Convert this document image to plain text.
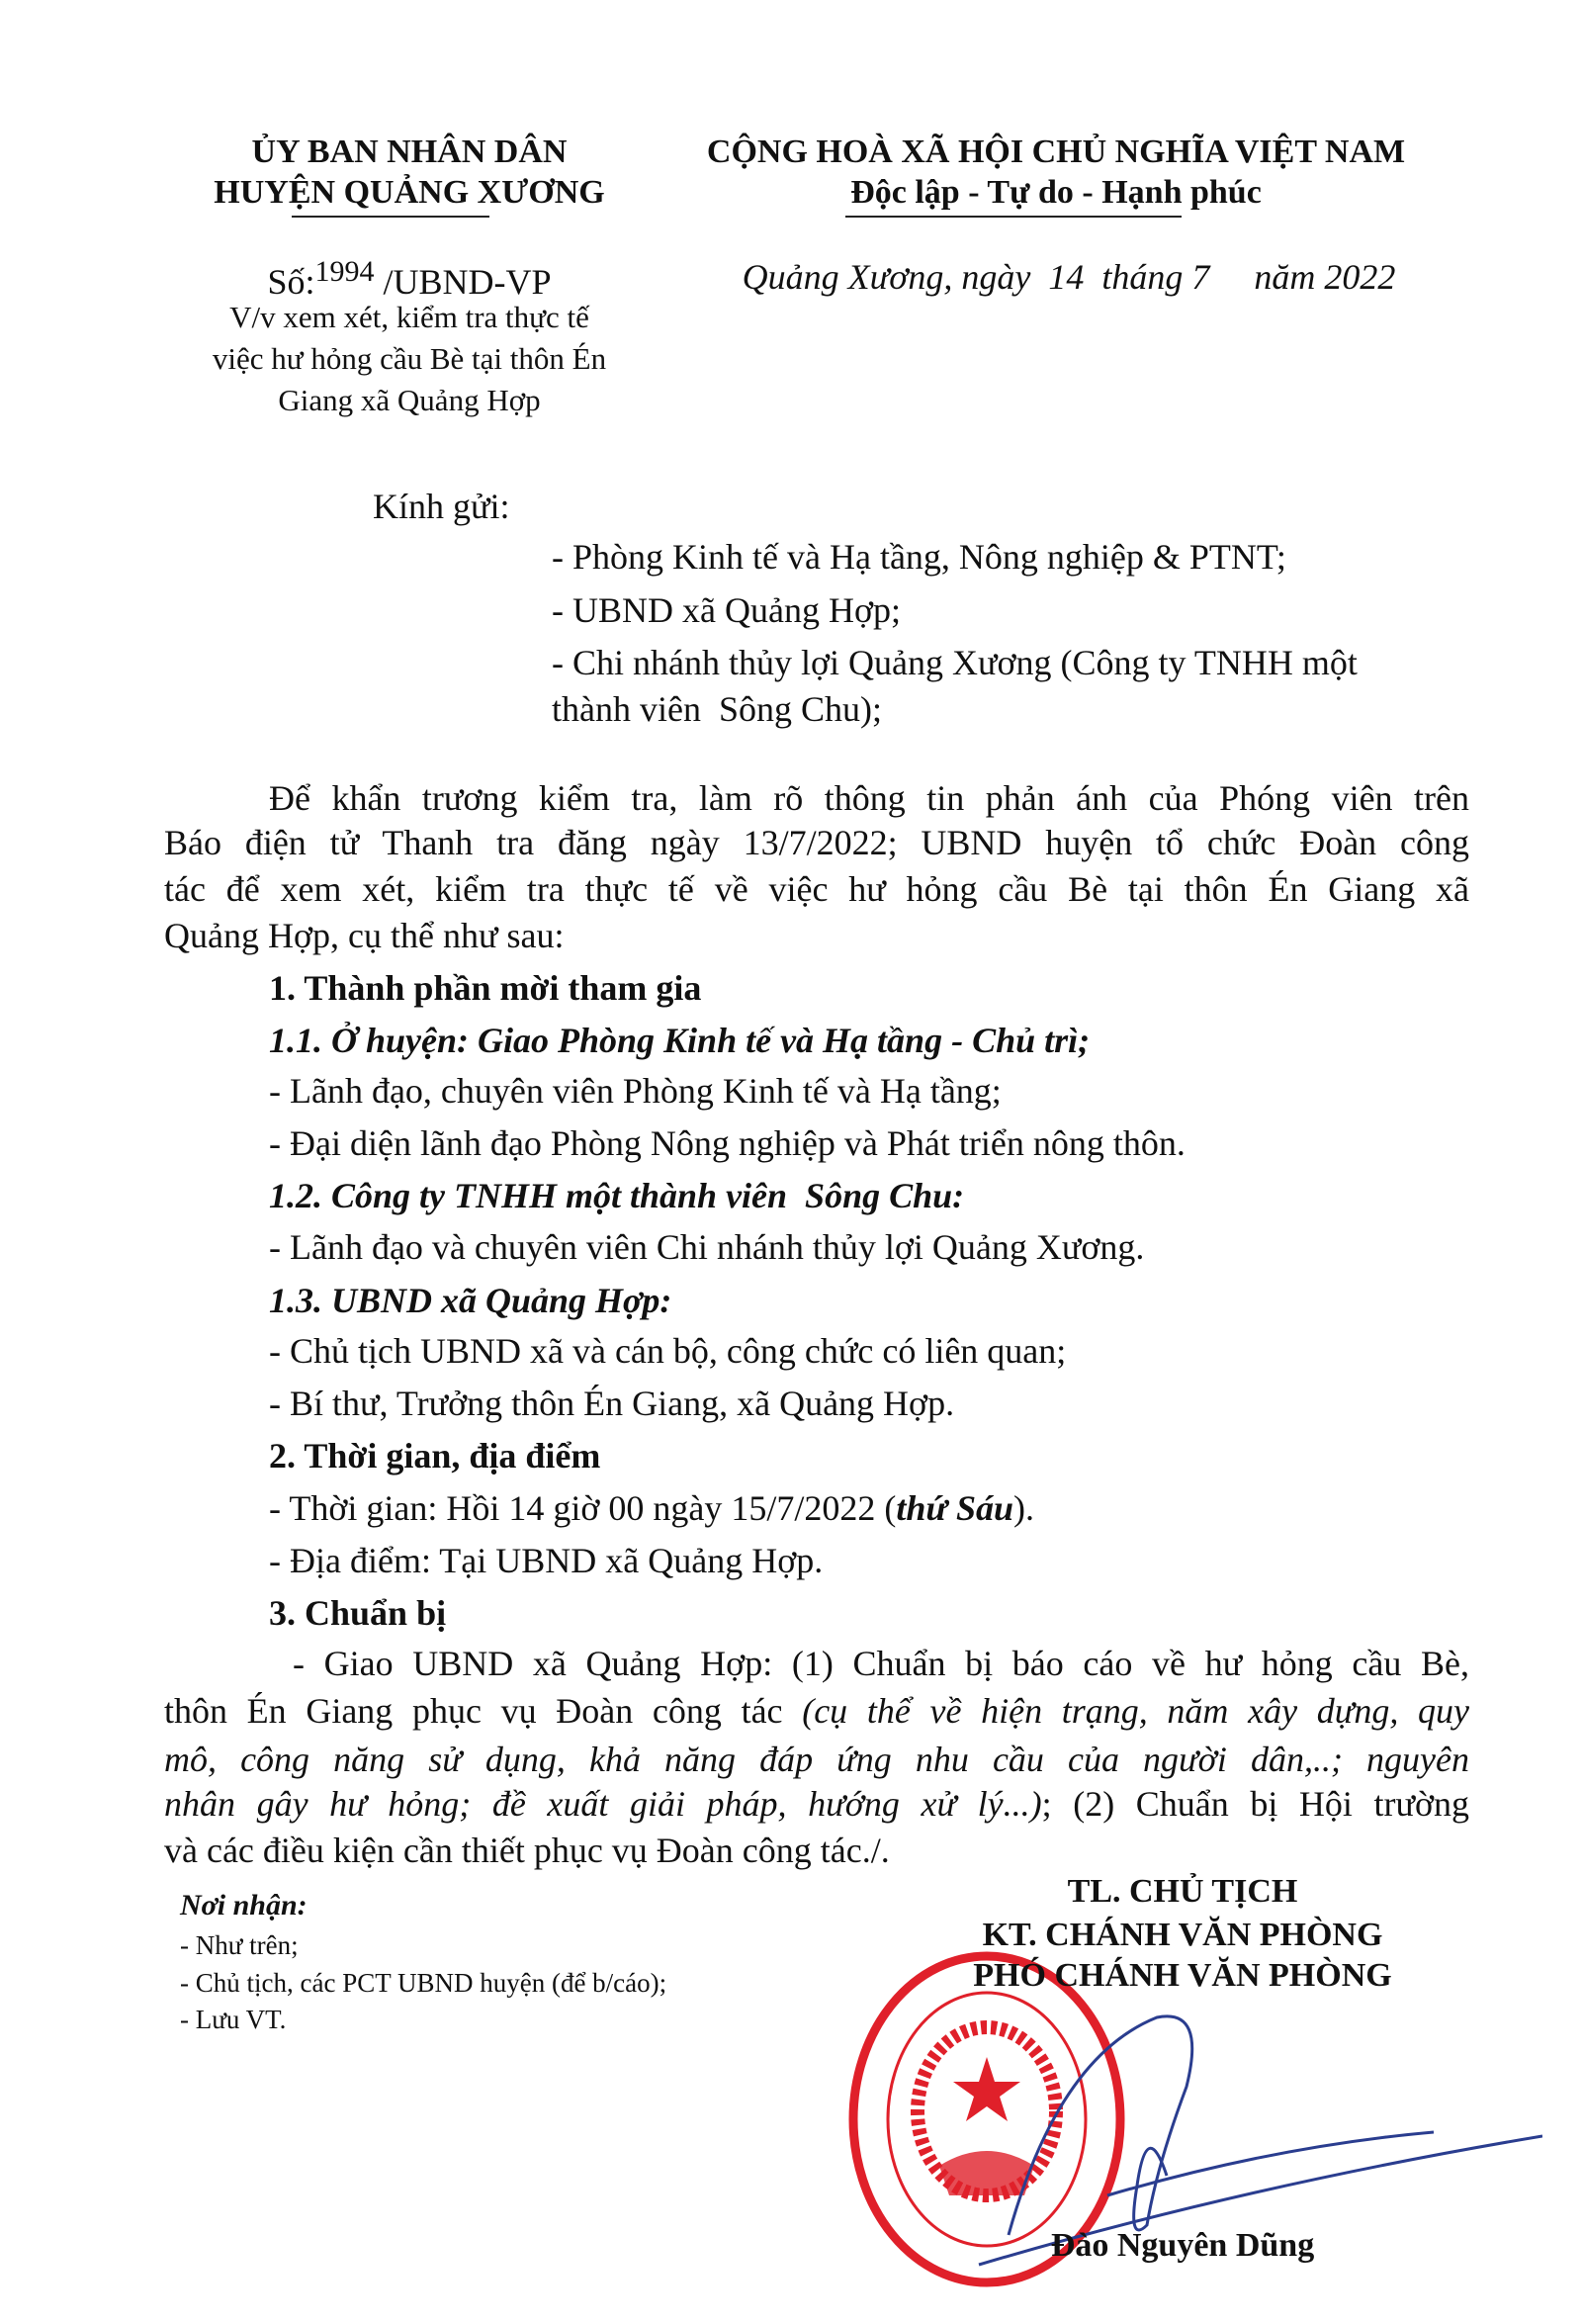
ỦY BAN NHÂN DÂN
HUYỆN QUẢNG XƯƠNG
CỘNG HOÀ XÃ HỘI CHỦ NGHĨA VIỆT NAM
Độc lập - Tự do - Hạnh phúc
Số:$^{1994}$ /UBND-VP
V/v xem xét, kiểm tra thực tế
việc hư hỏng cầu Bè tại thôn Én
Giang xã Quảng Hợp
Quảng Xương, ngày  14  tháng 7     năm 2022
Kính gửi:
- Phòng Kinh tế và Hạ tầng, Nông nghiệp & PTNT;
- UBND xã Quảng Hợp;
- Chi nhánh thủy lợi Quảng Xương (Công ty TNHH một
thành viên  Sông Chu);
Để khẩn trương kiểm tra, làm rõ thông tin phản ánh của Phóng viên trên
Báo điện tử Thanh tra đăng ngày 13/7/2022; UBND huyện tổ chức Đoàn công
tác để xem xét, kiểm tra thực tế về việc hư hỏng cầu Bè tại thôn Én Giang xã
Quảng Hợp, cụ thể như sau:
1. Thành phần mời tham gia
1.1. Ở huyện: Giao Phòng Kinh tế và Hạ tầng - Chủ trì;
- Lãnh đạo, chuyên viên Phòng Kinh tế và Hạ tầng;
- Đại diện lãnh đạo Phòng Nông nghiệp và Phát triển nông thôn.
1.2. Công ty TNHH một thành viên  Sông Chu:
- Lãnh đạo và chuyên viên Chi nhánh thủy lợi Quảng Xương.
1.3. UBND xã Quảng Hợp:
- Chủ tịch UBND xã và cán bộ, công chức có liên quan;
- Bí thư, Trưởng thôn Én Giang, xã Quảng Hợp.
2. Thời gian, địa điểm
- Thời gian: Hồi 14 giờ 00 ngày 15/7/2022 (thứ Sáu).
- Địa điểm: Tại UBND xã Quảng Hợp.
3. Chuẩn bị
- Giao UBND xã Quảng Hợp: (1) Chuẩn bị báo cáo về hư hỏng cầu Bè,
thôn Én Giang phục vụ Đoàn công tác (cụ thể về hiện trạng, năm xây dựng, quy
mô, công năng sử dụng, khả năng đáp ứng nhu cầu của người dân,..; nguyên
nhân gây hư hỏng; đề xuất giải pháp, hướng xử lý...); (2) Chuẩn bị Hội trường
và các điều kiện cần thiết phục vụ Đoàn công tác./.
Nơi nhận:
- Như trên;
- Chủ tịch, các PCT UBND huyện (để b/cáo);
- Lưu VT.
TL. CHỦ TỊCH
KT. CHÁNH VĂN PHÒNG
PHÓ CHÁNH VĂN PHÒNG
Đào Nguyên Dũng
